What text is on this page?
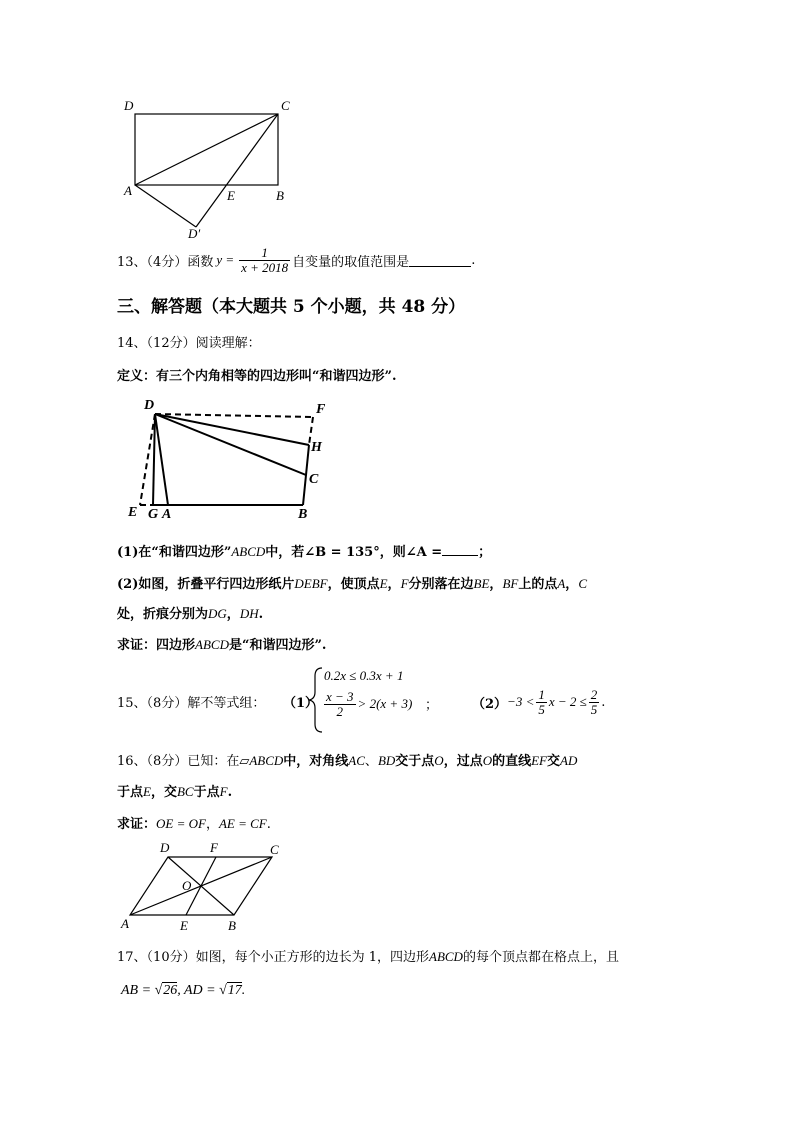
D	C
A	E	B
D′
13、（4分）函数 $y = \frac{1}{x + 2018}$ 自变量的取值范围是	.
三、解答题（本大题共 5 个小题，共 48 分）
14、（12分）阅读理解：
定义：有三个内角相等的四边形叫“和谐四边形”.
D	F
H
C
E G A	B
(1)在“和谐四边形”ABCD中，若∠B = 135°，则∠A =	；
(2)如图，折叠平行四边形纸片DEBF，使顶点E，F分别落在边BE，BF上的点A，C
处，折痕分别为DG，DH.
求证：四边形ABCD是“和谐四边形”.
15、（8分）解不等式组： （1）
0.2x ≤ 0.3x + 1
$\frac{x - 3}{2} > 2(x + 3)$ ；	$(2) -3 < \frac{1}{5}$ $x - 2 \le \frac{2}{5}$ .
16、（8分）已知：在▱ABCD中，对角线AC、BD交于点O，过点O的直线EF交AD
于点E，交BC于点F.
求证：OE = OF，AE = CF.
D	F	C
O
A	E	B
17、（10分）如图，每个小正方形的边长为 1，四边形ABCD的每个顶点都在格点上，且
AB = √26, AD = √17.
